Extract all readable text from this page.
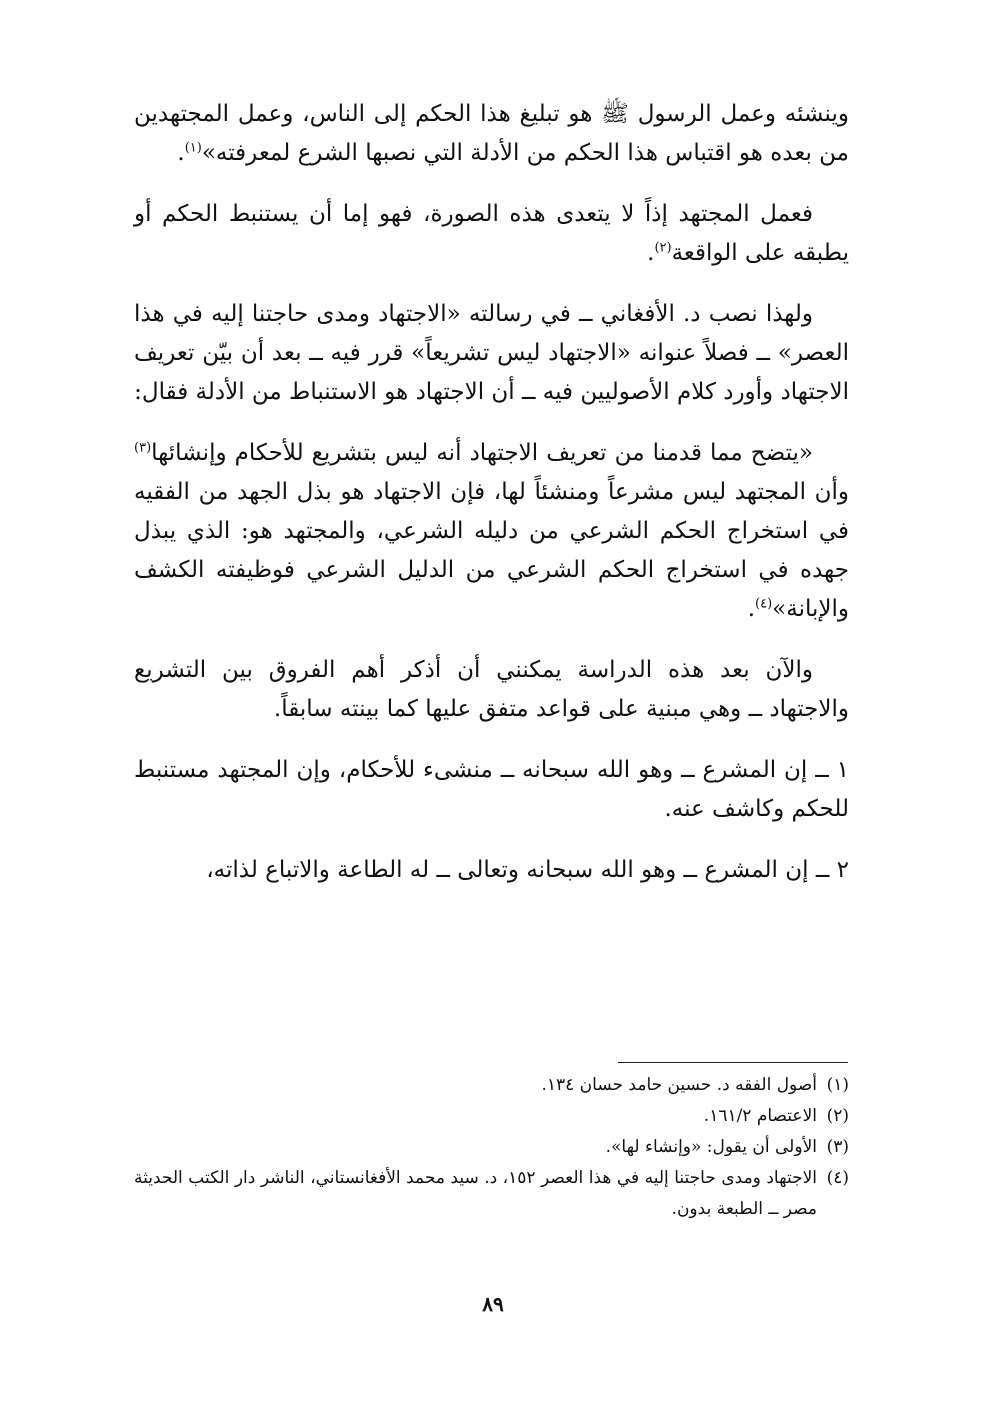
وينشئه وعمل الرسول ﷺ هو تبليغ هذا الحكم إلى الناس، وعمل المجتهدين من بعده هو اقتباس هذا الحكم من الأدلة التي نصبها الشرع لمعرفته»$^{(١)}$.

فعمل المجتهد إذاً لا يتعدى هذه الصورة، فهو إما أن يستنبط الحكم أو يطبقه على الواقعة$^{(٢)}$.

ولهذا نصب د. الأفغاني ــ في رسالته «الاجتهاد ومدى حاجتنا إليه في هذا العصر» ــ فصلاً عنوانه «الاجتهاد ليس تشريعاً» قرر فيه ــ بعد أن بيّن تعريف الاجتهاد وأورد كلام الأصوليين فيه ــ أن الاجتهاد هو الاستنباط من الأدلة فقال:

«يتضح مما قدمنا من تعريف الاجتهاد أنه ليس بتشريع للأحكام وإنشائها$^{(٣)}$ وأن المجتهد ليس مشرعاً ومنشئاً لها، فإن الاجتهاد هو بذل الجهد من الفقيه في استخراج الحكم الشرعي من دليله الشرعي، والمجتهد هو: الذي يبذل جهده في استخراج الحكم الشرعي من الدليل الشرعي فوظيفته الكشف والإبانة»$^{(٤)}$.

والآن بعد هذه الدراسة يمكنني أن أذكر أهم الفروق بين التشريع والاجتهاد ــ وهي مبنية على قواعد متفق عليها كما بينته سابقاً.

١ ــ إن المشرع ــ وهو الله سبحانه ــ منشىء للأحكام، وإن المجتهد مستنبط للحكم وكاشف عنه.

٢ ــ إن المشرع ــ وهو الله سبحانه وتعالى ــ له الطاعة والاتباع لذاته،

(١)
أصول الفقه د. حسين حامد حسان ١٣٤.
(٢)
الاعتصام ١٦١/٢.
(٣)
الأولى أن يقول: «وإنشاء لها».
(٤)
الاجتهاد ومدى حاجتنا إليه في هذا العصر ١٥٢، د. سيد محمد الأفغانستاني، الناشر دار الكتب الحديثة مصر ــ الطبعة بدون.
٨٩
